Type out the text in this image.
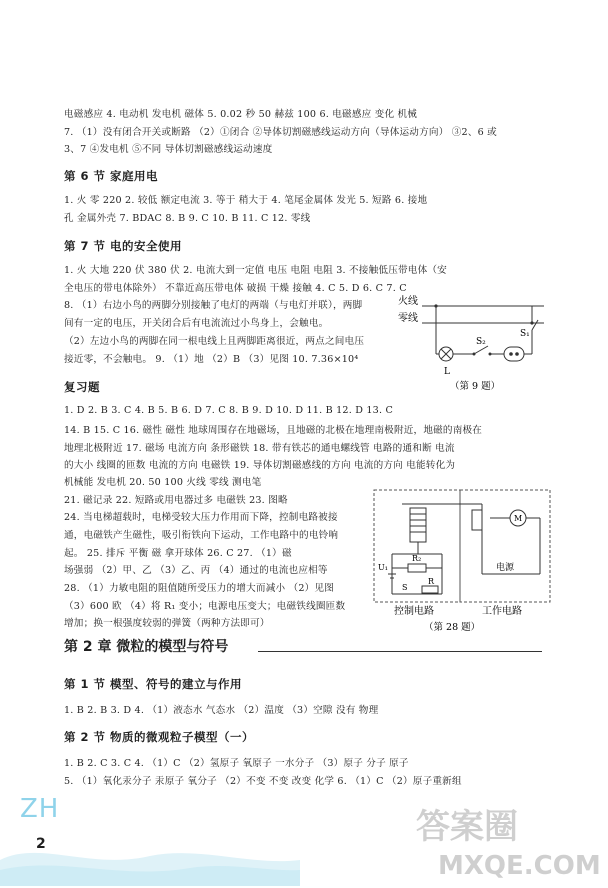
电磁感应 4. 电动机 发电机 磁体 5. 0.02 秒 50 赫兹 100 6. 电磁感应 变化 机械
7. （1）没有闭合开关或断路 （2）①闭合 ②导体切割磁感线运动方向（导体运动方向） ③2、6 或
3、7 ④发电机 ⑤不同 导体切割磁感线运动速度
1. 火 零 220 2. 较低 额定电流 3. 等于 稍大于 4. 笔尾金属体 发光 5. 短路 6. 接地
孔 金属外壳 7. BDAC 8. B 9. C 10. B 11. C 12. 零线
1. 火 大地 220 伏 380 伏 2. 电流大到一定值 电压 电阻 电阻 3. 不接触低压带电体（安
全电压的带电体除外） 不靠近高压带电体 破损 干燥 接触 4. C 5. D 6. C 7. C
8. （1）右边小鸟的两脚分别接触了电灯的两端（与电灯并联），两脚
间有一定的电压，开关闭合后有电流流过小鸟身上，会触电。
（2）左边小鸟的两脚在同一根电线上且两脚距离很近，两点之间电压
接近零，不会触电。 9. （1）地 （2）B （3）见图 10. 7.36×10⁴
1. D 2. B 3. C 4. B 5. B 6. D 7. C 8. B 9. D 10. D 11. B 12. D 13. C
14. B 15. C 16. 磁性 磁性 地球周围存在地磁场，且地磁的北极在地理南极附近，地磁的南极在
地理北极附近 17. 磁场 电流方向 条形磁铁 18. 带有铁芯的通电螺线管 电路的通和断 电流
的大小 线圈的匝数 电流的方向 电磁铁 19. 导体切割磁感线的方向 电流的方向 电能转化为
机械能 发电机 20. 50 100 火线 零线 测电笔
21. 磁记录 22. 短路或用电器过多 电磁铁 23. 图略
24. 当电梯超载时，电梯受较大压力作用而下降，控制电路被接
通，电磁铁产生磁性，吸引衔铁向下运动，工作电路中的电铃响
起。 25. 排斥 平衡 磁 拿开球体 26. C 27. （1）磁
场强弱 （2）甲、乙 （3）乙、丙 （4）通过的电流也应相等
28. （1）力敏电阻的阻值随所受压力的增大而减小 （2）见图
（3）600 欧 （4）将 R₁ 变小；电源电压变大；电磁铁线圈匝数
增加；换一根强度较弱的弹簧（两种方法即可）
1. B 2. B 3. D 4. （1）液态水 气态水 （2）温度 （3）空隙 没有 物理
1. B 2. C 3. C 4. （1）C （2）氢原子 氧原子 一水分子 （3）原子 分子 原子
5. （1）氧化汞分子 汞原子 氧分子 （2）不变 不变 改变 化学 6. （1）C （2）原子重新组
第 6 节 家庭用电
第 7 节 电的安全使用
复习题
第 1 节 模型、符号的建立与作用
第 2 节 物质的微观粒子模型（一）
第 2 章 微粒的模型与符号
火线
零线
L
S₂
S₁
（第 9 题）
R₂
U₁
S
R
M
电源
控制电路	工作电路
（第 28 题）
ZH
2	答案圈
MXQE.COM
